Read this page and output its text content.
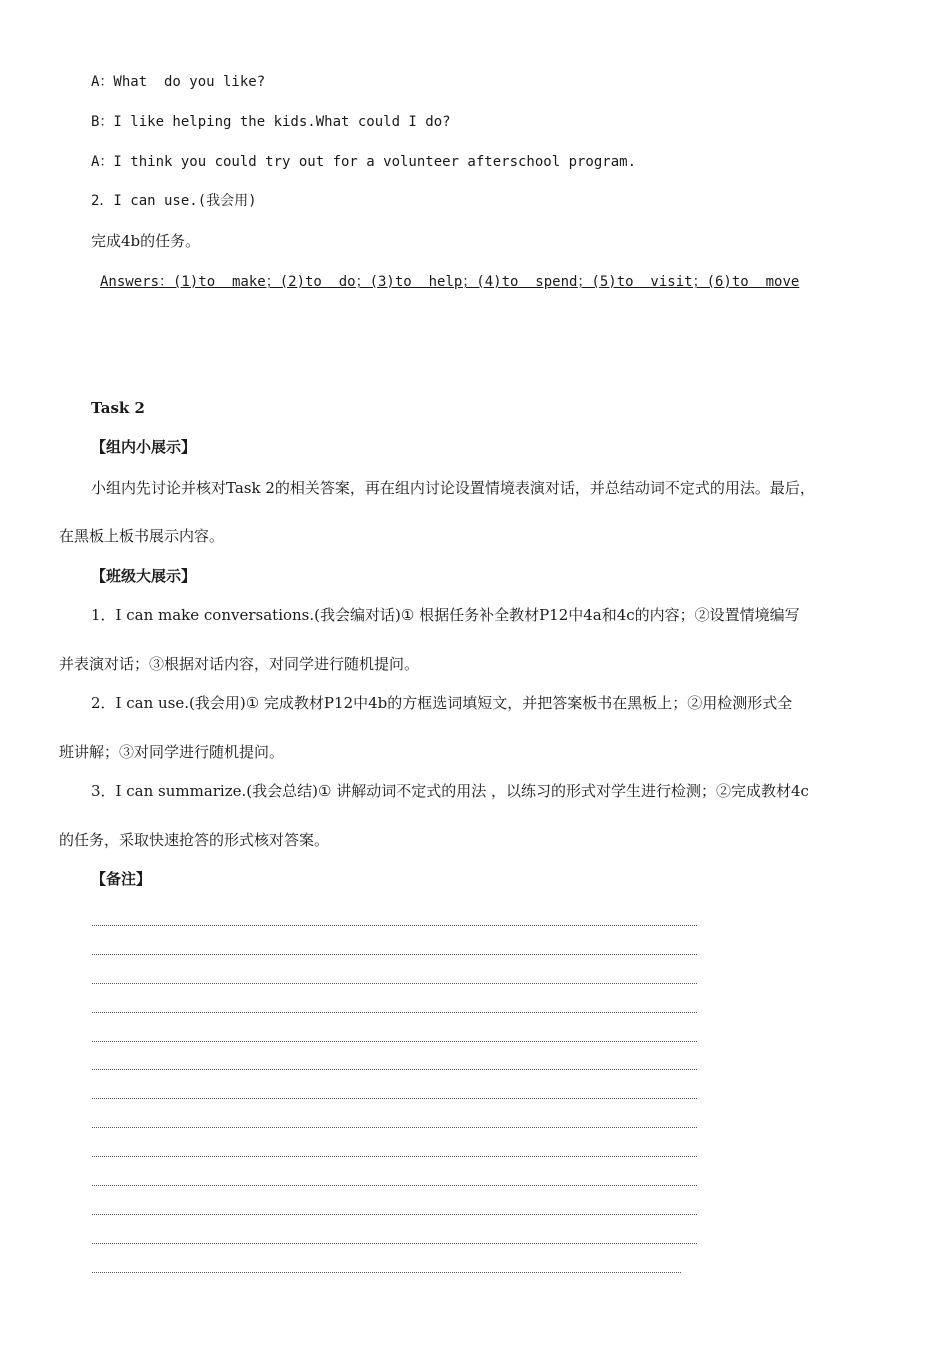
A：What  do you like?
B：I like helping the kids.What could I do?
A：I think you could try out for a volunteer afterschool program.
2．I can use.(我会用)
完成4b的任务。
Answers：(1)to  make；(2)to  do；(3)to  help；(4)to  spend；(5)to  visit；(6)to  move
Task 2
【组内小展示】
小组内先讨论并核对Task 2的相关答案，再在组内讨论设置情境表演对话，并总结动词不定式的用法。最后，
在黑板上板书展示内容。
【班级大展示】
1．I can make conversations.(我会编对话)① 根据任务补全教材P12中4a和4c的内容；②设置情境编写
并表演对话；③根据对话内容，对同学进行随机提问。
2．I can use.(我会用)① 完成教材P12中4b的方框选词填短文，并把答案板书在黑板上；②用检测形式全
班讲解；③对同学进行随机提问。
3．I can summarize.(我会总结)① 讲解动词不定式的用法 ，以练习的形式对学生进行检测；②完成教材4c
的任务，采取快速抢答的形式核对答案。
【备注】
